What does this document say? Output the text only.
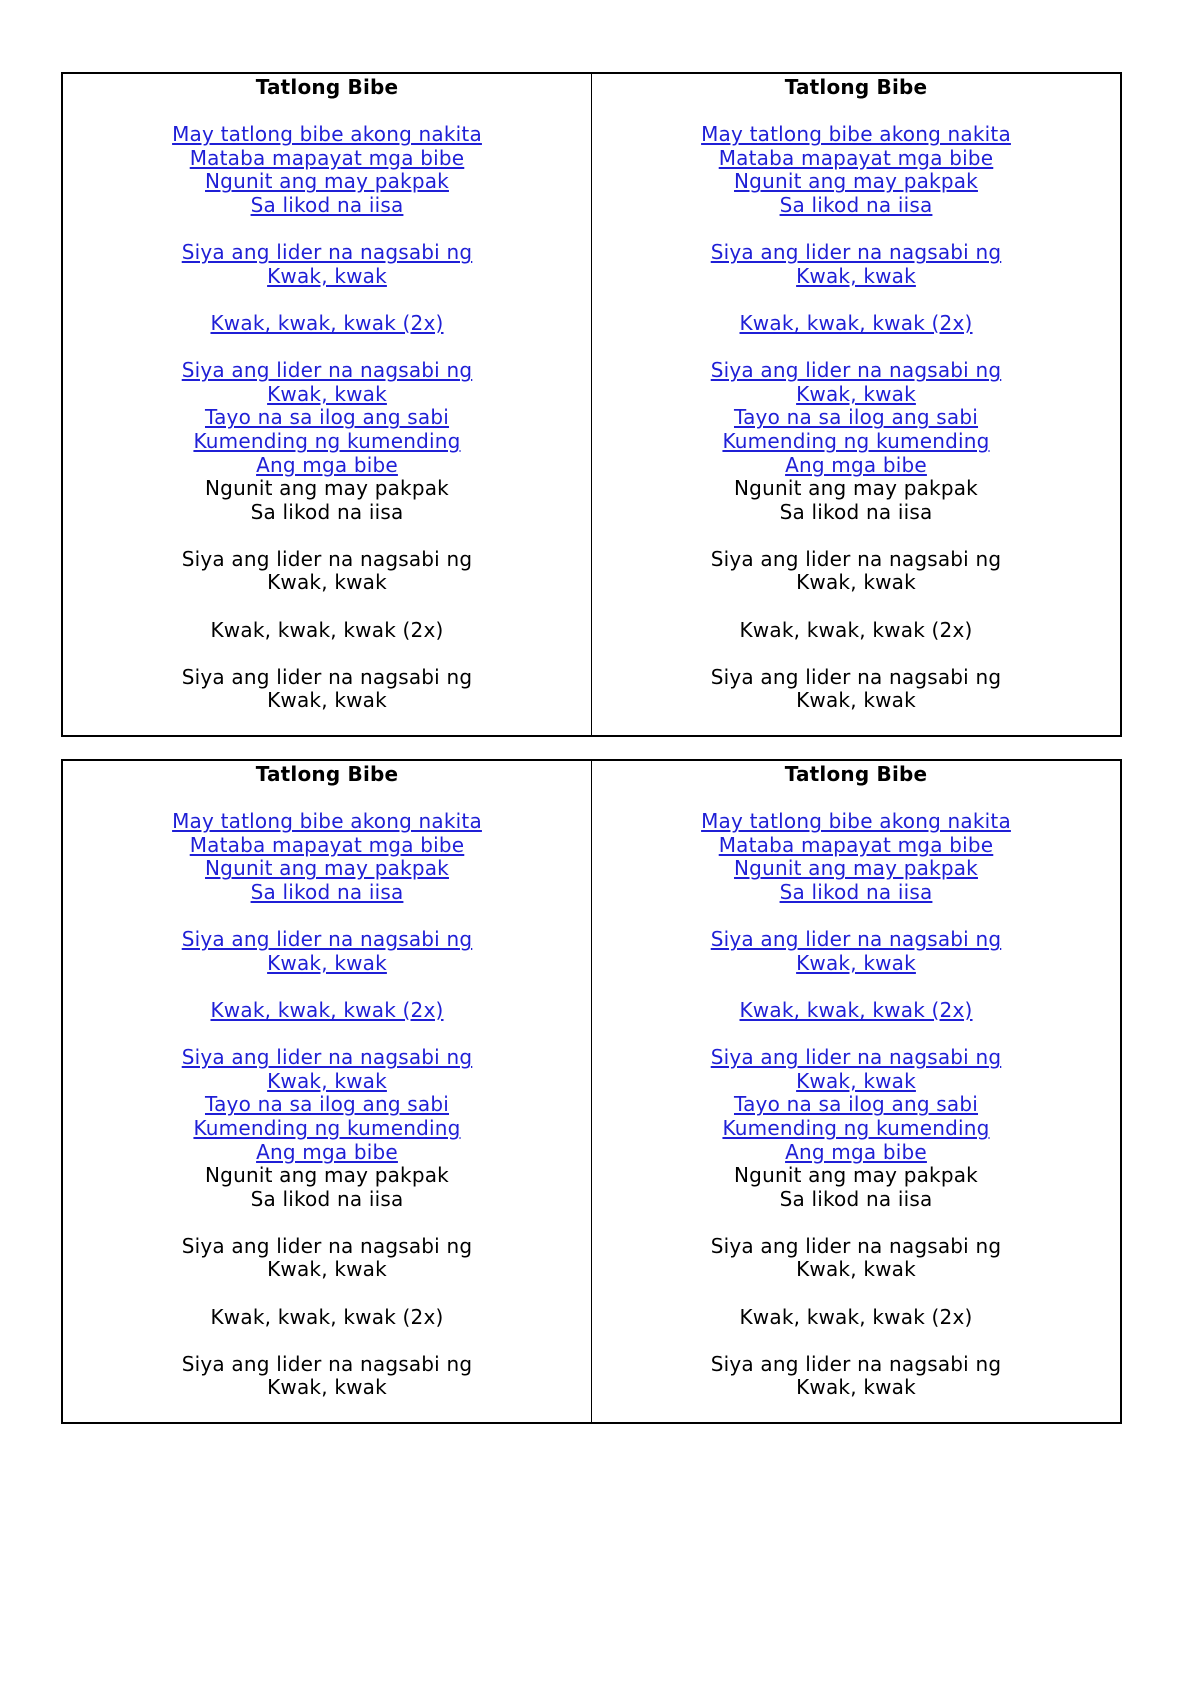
Tatlong Bibe
May tatlong bibe akong nakita
Mataba mapayat mga bibe
Ngunit ang may pakpak
Sa likod na iisa
Siya ang lider na nagsabi ng
Kwak, kwak
Kwak, kwak, kwak (2x)
Siya ang lider na nagsabi ng
Kwak, kwak
Tayo na sa ilog ang sabi
Kumending ng kumending
Ang mga bibe
Ngunit ang may pakpak
Sa likod na iisa
Siya ang lider na nagsabi ng
Kwak, kwak
Kwak, kwak, kwak (2x)
Siya ang lider na nagsabi ng
Kwak, kwak
Tatlong Bibe
May tatlong bibe akong nakita
Mataba mapayat mga bibe
Ngunit ang may pakpak
Sa likod na iisa
Siya ang lider na nagsabi ng
Kwak, kwak
Kwak, kwak, kwak (2x)
Siya ang lider na nagsabi ng
Kwak, kwak
Tayo na sa ilog ang sabi
Kumending ng kumending
Ang mga bibe
Ngunit ang may pakpak
Sa likod na iisa
Siya ang lider na nagsabi ng
Kwak, kwak
Kwak, kwak, kwak (2x)
Siya ang lider na nagsabi ng
Kwak, kwak
Tatlong Bibe
May tatlong bibe akong nakita
Mataba mapayat mga bibe
Ngunit ang may pakpak
Sa likod na iisa
Siya ang lider na nagsabi ng
Kwak, kwak
Kwak, kwak, kwak (2x)
Siya ang lider na nagsabi ng
Kwak, kwak
Tayo na sa ilog ang sabi
Kumending ng kumending
Ang mga bibe
Ngunit ang may pakpak
Sa likod na iisa
Siya ang lider na nagsabi ng
Kwak, kwak
Kwak, kwak, kwak (2x)
Siya ang lider na nagsabi ng
Kwak, kwak
Tatlong Bibe
May tatlong bibe akong nakita
Mataba mapayat mga bibe
Ngunit ang may pakpak
Sa likod na iisa
Siya ang lider na nagsabi ng
Kwak, kwak
Kwak, kwak, kwak (2x)
Siya ang lider na nagsabi ng
Kwak, kwak
Tayo na sa ilog ang sabi
Kumending ng kumending
Ang mga bibe
Ngunit ang may pakpak
Sa likod na iisa
Siya ang lider na nagsabi ng
Kwak, kwak
Kwak, kwak, kwak (2x)
Siya ang lider na nagsabi ng
Kwak, kwak
